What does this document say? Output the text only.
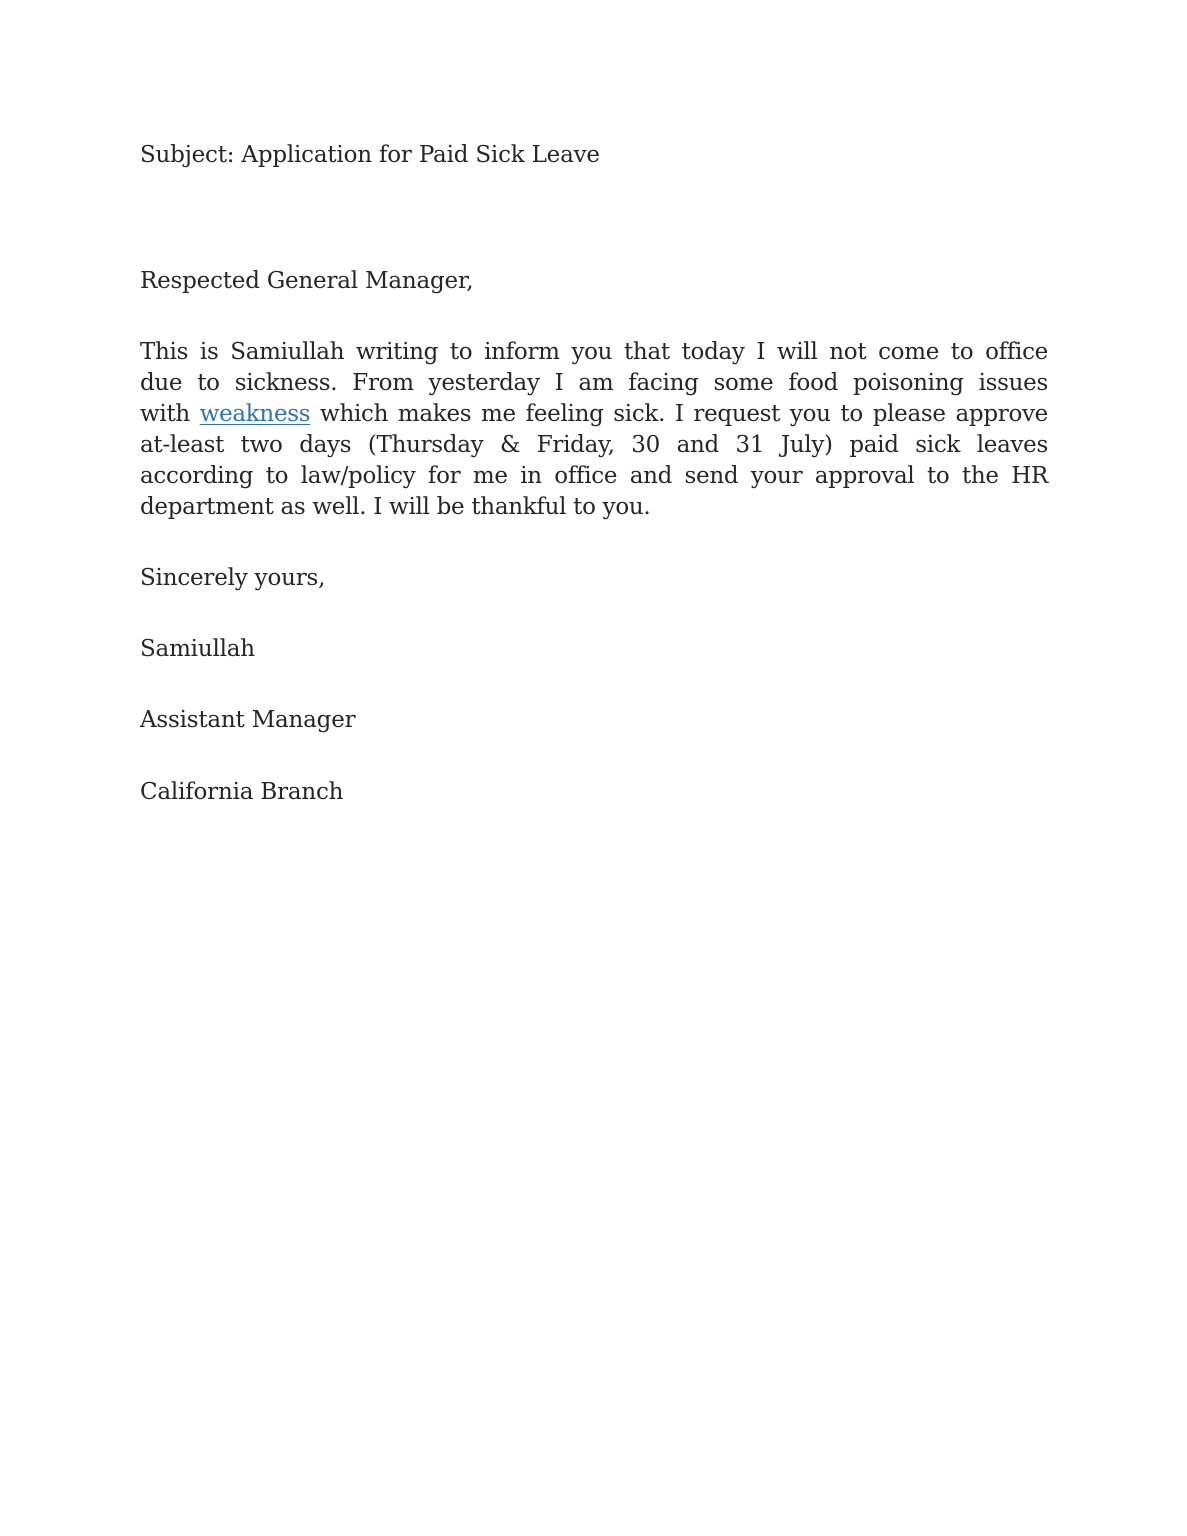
Subject: Application for Paid Sick Leave
Respected General Manager,
This is Samiullah writing to inform you that today I will not come to office
due to sickness. From yesterday I am facing some food poisoning issues
with weakness which makes me feeling sick. I request you to please approve
at-least two days (Thursday & Friday, 30 and 31 July) paid sick leaves
according to law/policy for me in office and send your approval to the HR
department as well. I will be thankful to you.
Sincerely yours,
Samiullah
Assistant Manager
California Branch
